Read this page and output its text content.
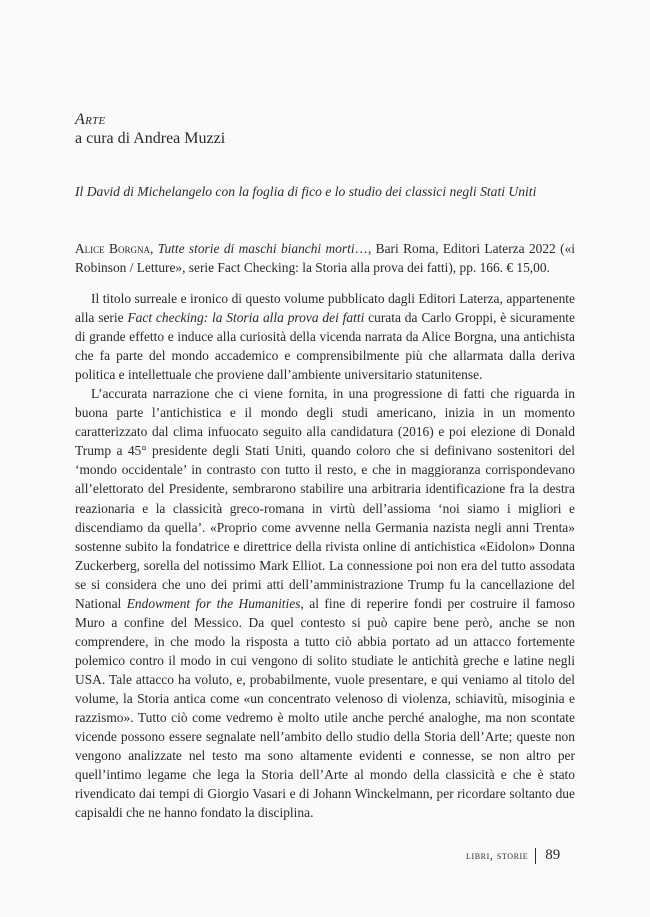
Arte
a cura di Andrea Muzzi
Il David di Michelangelo con la foglia di fico e lo studio dei classici negli Stati Uniti
Alice Borgna, Tutte storie di maschi bianchi morti…, Bari Roma, Editori Laterza 2022 («i Robinson / Letture», serie Fact Checking: la Storia alla prova dei fatti), pp. 166. € 15,00.

Il titolo surreale e ironico di questo volume pubblicato dagli Editori Laterza, appartenente alla serie Fact checking: la Storia alla prova dei fatti curata da Carlo Groppi, è sicuramente di grande effetto e induce alla curiosità della vicenda narrata da Alice Borgna, una antichista che fa parte del mondo accademico e comprensibilmente più che allarmata dalla deriva politica e intellettuale che proviene dall’ambiente universitario statunitense.

L’accurata narrazione che ci viene fornita, in una progressione di fatti che riguarda in buona parte l’antichistica e il mondo degli studi americano, inizia in un momento caratterizzato dal clima infuocato seguito alla candidatura (2016) e poi elezione di Donald Trump a 45° presidente degli Stati Uniti, quando coloro che si definivano sostenitori del ‘mondo occidentale’ in contrasto con tutto il resto, e che in maggioranza corrispondevano all’elettorato del Presidente, sembrarono stabilire una arbitraria identificazione fra la destra reazionaria e la classicità greco-romana in virtù dell’assioma ‘noi siamo i migliori e discendiamo da quella’. «Proprio come avvenne nella Germania nazista negli anni Trenta» sostenne subito la fondatrice e direttrice della rivista online di antichistica «Eidolon» Donna Zuckerberg, sorella del notissimo Mark Elliot. La connessione poi non era del tutto assodata se si considera che uno dei primi atti dell’amministrazione Trump fu la cancellazione del National Endowment for the Humanities, al fine di reperire fondi per costruire il famoso Muro a confine del Messico. Da quel contesto si può capire bene però, anche se non comprendere, in che modo la risposta a tutto ciò abbia portato ad un attacco fortemente polemico contro il modo in cui vengono di solito studiate le antichità greche e latine negli USA. Tale attacco ha voluto, e, probabilmente, vuole presentare, e qui veniamo al titolo del volume, la Storia antica come «un concentrato velenoso di violenza, schiavitù, misoginia e razzismo». Tutto ciò come vedremo è molto utile anche perché analoghe, ma non scontate vicende possono essere segnalate nell’ambito dello studio della Storia dell’Arte; queste non vengono analizzate nel testo ma sono altamente evidenti e connesse, se non altro per quell’intimo legame che lega la Storia dell’Arte al mondo della classicità e che è stato rivendicato dai tempi di Giorgio Vasari e di Johann Winckelmann, per ricordare soltanto due capisaldi che ne hanno fondato la disciplina.

libri, storie 89
